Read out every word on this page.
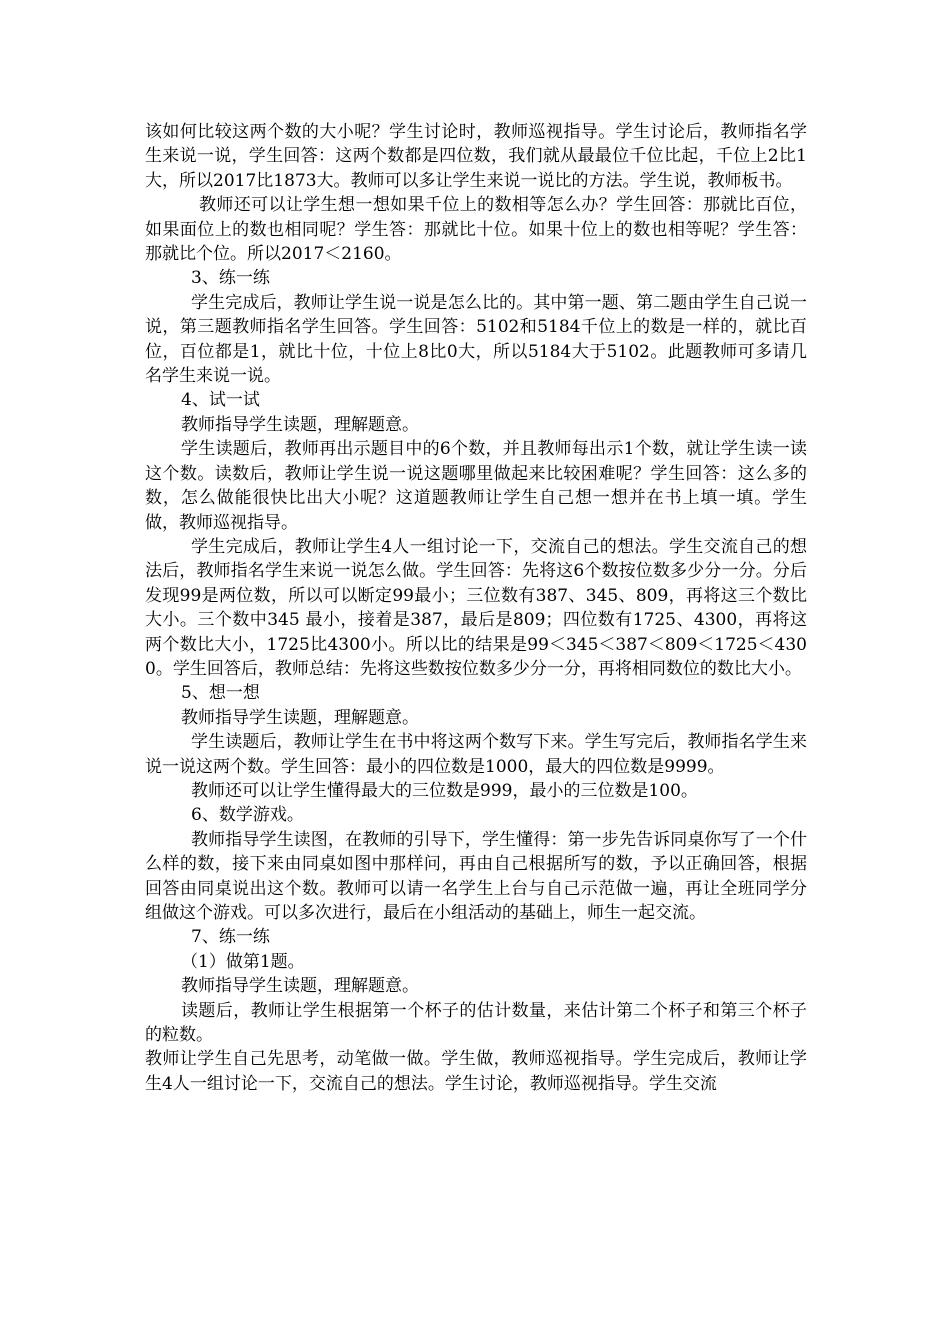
该如何比较这两个数的大小呢？学生讨论时，教师巡视指导。学生讨论后，教师指名学生来说一说，学生回答：这两个数都是四位数，我们就从最最位千位比起，千位上2比1大，所以2017比1873大。教师可以多让学生来说一说比的方法。学生说，教师板书。

教师还可以让学生想一想如果千位上的数相等怎么办？学生回答：那就比百位，如果面位上的数也相同呢？学生答：那就比十位。如果十位上的数也相等呢？学生答：那就比个位。所以2017＜2160。

3、练一练

学生完成后，教师让学生说一说是怎么比的。其中第一题、第二题由学生自己说一说，第三题教师指名学生回答。学生回答：5102和5184千位上的数是一样的，就比百位，百位都是1，就比十位，十位上8比0大，所以5184大于5102。此题教师可多请几名学生来说一说。

4、试一试

教师指导学生读题，理解题意。

学生读题后，教师再出示题目中的6个数，并且教师每出示1个数，就让学生读一读这个数。读数后，教师让学生说一说这题哪里做起来比较困难呢？学生回答：这么多的数，怎么做能很快比出大小呢？这道题教师让学生自己想一想并在书上填一填。学生做，教师巡视指导。

学生完成后，教师让学生4人一组讨论一下，交流自己的想法。学生交流自己的想法后，教师指名学生来说一说怎么做。学生回答：先将这6个数按位数多少分一分。分后发现99是两位数，所以可以断定99最小；三位数有387、345、809，再将这三个数比大小。三个数中345 最小，接着是387，最后是809；四位数有1725、4300，再将这两个数比大小，1725比4300小。所以比的结果是99＜345＜387＜809＜1725＜4300。学生回答后，教师总结：先将这些数按位数多少分一分，再将相同数位的数比大小。

5、想一想

教师指导学生读题，理解题意。

学生读题后，教师让学生在书中将这两个数写下来。学生写完后，教师指名学生来说一说这两个数。学生回答：最小的四位数是1000，最大的四位数是9999。

教师还可以让学生懂得最大的三位数是999，最小的三位数是100。

6、数学游戏。

教师指导学生读图，在教师的引导下，学生懂得：第一步先告诉同桌你写了一个什么样的数，接下来由同桌如图中那样问，再由自己根据所写的数，予以正确回答，根据回答由同桌说出这个数。教师可以请一名学生上台与自己示范做一遍，再让全班同学分组做这个游戏。可以多次进行，最后在小组活动的基础上，师生一起交流。

7、练一练

（1）做第1题。

教师指导学生读题，理解题意。

读题后，教师让学生根据第一个杯子的估计数量，来估计第二个杯子和第三个杯子的粒数。

教师让学生自己先思考，动笔做一做。学生做，教师巡视指导。学生完成后，教师让学生4人一组讨论一下，交流自己的想法。学生讨论，教师巡视指导。学生交流
